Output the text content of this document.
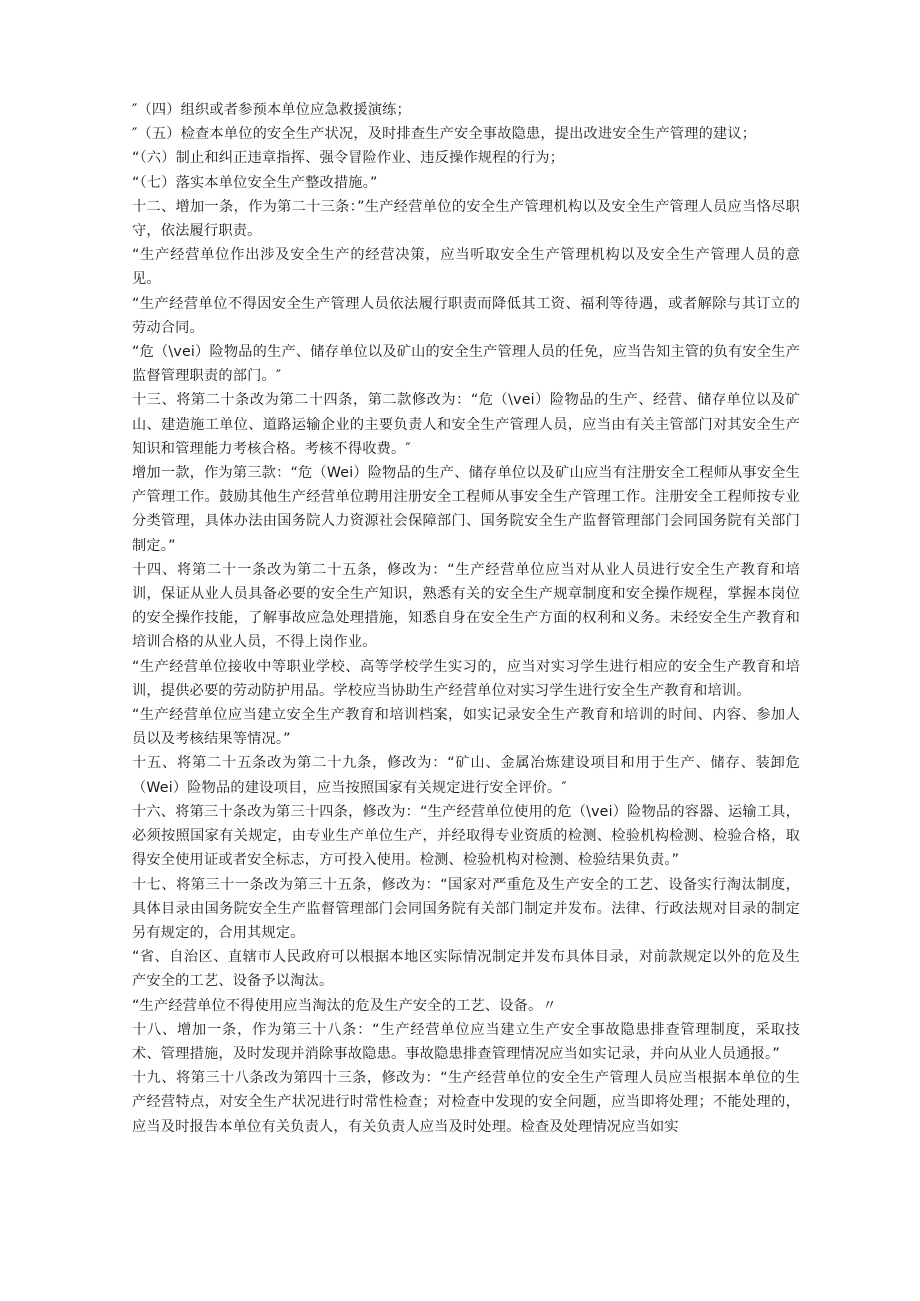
″（四）组织或者参预本单位应急救援演练；

″（五）检查本单位的安全生产状况，及时排查生产安全事故隐患，提出改进安全生产管理的建议；

“（六）制止和纠正违章指挥、强令冒险作业、违反操作规程的行为；

“（七）落实本单位安全生产整改措施。”

十二、增加一条，作为第二十三条：”生产经营单位的安全生产管理机构以及安全生产管理人员应当恪尽职守，依法履行职责。

“生产经营单位作出涉及安全生产的经营决策，应当听取安全生产管理机构以及安全生产管理人员的意见。

“生产经营单位不得因安全生产管理人员依法履行职责而降低其工资、福利等待遇，或者解除与其订立的劳动合同。

“危（\vei）险物品的生产、储存单位以及矿山的安全生产管理人员的任免，应当告知主管的负有安全生产监督管理职责的部门。″

十三、将第二十条改为第二十四条，第二款修改为：“危（\vei）险物品的生产、经营、储存单位以及矿山、建造施工单位、道路运输企业的主要负责人和安全生产管理人员，应当由有关主管部门对其安全生产知识和管理能力考核合格。考核不得收费。″

增加一款，作为第三款：“危（Wei）险物品的生产、储存单位以及矿山应当有注册安全工程师从事安全生产管理工作。鼓励其他生产经营单位聘用注册安全工程师从事安全生产管理工作。注册安全工程师按专业分类管理，具体办法由国务院人力资源社会保障部门、国务院安全生产监督管理部门会同国务院有关部门制定。”

十四、将第二十一条改为第二十五条，修改为：“生产经营单位应当对从业人员进行安全生产教育和培训，保证从业人员具备必要的安全生产知识，熟悉有关的安全生产规章制度和安全操作规程，掌握本岗位的安全操作技能，了解事故应急处理措施，知悉自身在安全生产方面的权利和义务。未经安全生产教育和培训合格的从业人员，不得上岗作业。

“生产经营单位接收中等职业学校、高等学校学生实习的，应当对实习学生进行相应的安全生产教育和培训，提供必要的劳动防护用品。学校应当协助生产经营单位对实习学生进行安全生产教育和培训。

“生产经营单位应当建立安全生产教育和培训档案，如实记录安全生产教育和培训的时间、内容、参加人员以及考核结果等情况。”

十五、将第二十五条改为第二十九条，修改为：“矿山、金属冶炼建设项目和用于生产、储存、装卸危（Wei）险物品的建设项目，应当按照国家有关规定进行安全评价。″

十六、将第三十条改为第三十四条，修改为：“生产经营单位使用的危（\vei）险物品的容器、运输工具，必须按照国家有关规定，由专业生产单位生产，并经取得专业资质的检测、检验机构检测、检验合格，取得安全使用证或者安全标志，方可投入使用。检测、检验机构对检测、检验结果负责。”

十七、将第三十一条改为第三十五条，修改为：“国家对严重危及生产安全的工艺、设备实行淘汰制度，具体目录由国务院安全生产监督管理部门会同国务院有关部门制定并发布。法律、行政法规对目录的制定另有规定的，合用其规定。

“省、自治区、直辖市人民政府可以根据本地区实际情况制定并发布具体目录，对前款规定以外的危及生产安全的工艺、设备予以淘汰。

“生产经营单位不得使用应当淘汰的危及生产安全的工艺、设备。〃

十八、增加一条，作为第三十八条：“生产经营单位应当建立生产安全事故隐患排查管理制度，采取技术、管理措施，及时发现并消除事故隐患。事故隐患排查管理情况应当如实记录，并向从业人员通报。”

十九、将第三十八条改为第四十三条，修改为：“生产经营单位的安全生产管理人员应当根据本单位的生产经营特点，对安全生产状况进行时常性检查；对检查中发现的安全问题，应当即将处理；不能处理的，应当及时报告本单位有关负责人，有关负责人应当及时处理。检查及处理情况应当如实
